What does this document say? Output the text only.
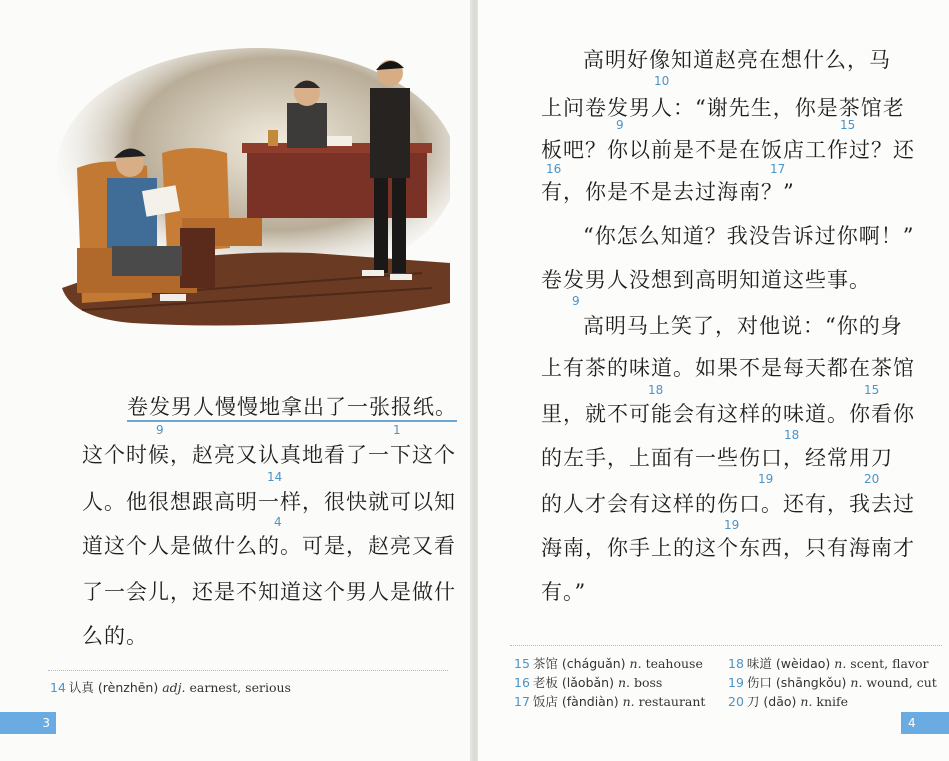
卷发男人慢慢地拿出了一张报纸。
9	1
这个时候，赵亮又认真地看了一下这个
14
人。他很想跟高明一样，很快就可以知
4
道这个人是做什么的。可是，赵亮又看
了一会儿，还是不知道这个男人是做什
么的。
14 认真 (rènzhēn) adj. earnest, serious
3
高明好像知道赵亮在想什么，马
10
上问卷发男人：“谢先生，你是茶馆老
9	15
板吧？你以前是不是在饭店工作过？还
16	17
有，你是不是去过海南？”
“你怎么知道？我没告诉过你啊！”
卷发男人没想到高明知道这些事。
9
高明马上笑了，对他说：“你的身
上有茶的味道。如果不是每天都在茶馆
18	15
里，就不可能会有这样的味道。你看你
18
的左手，上面有一些伤口，经常用刀
19	20
的人才会有这样的伤口。还有，我去过
19
海南，你手上的这个东西，只有海南才
有。”
15 茶馆 (cháguǎn) n. teahouse
16 老板 (lǎobǎn) n. boss
17 饭店 (fàndiàn) n. restaurant
18 味道 (wèidao) n. scent, flavor
19 伤口 (shāngkǒu) n. wound, cut
20 刀 (dāo) n. knife
4
